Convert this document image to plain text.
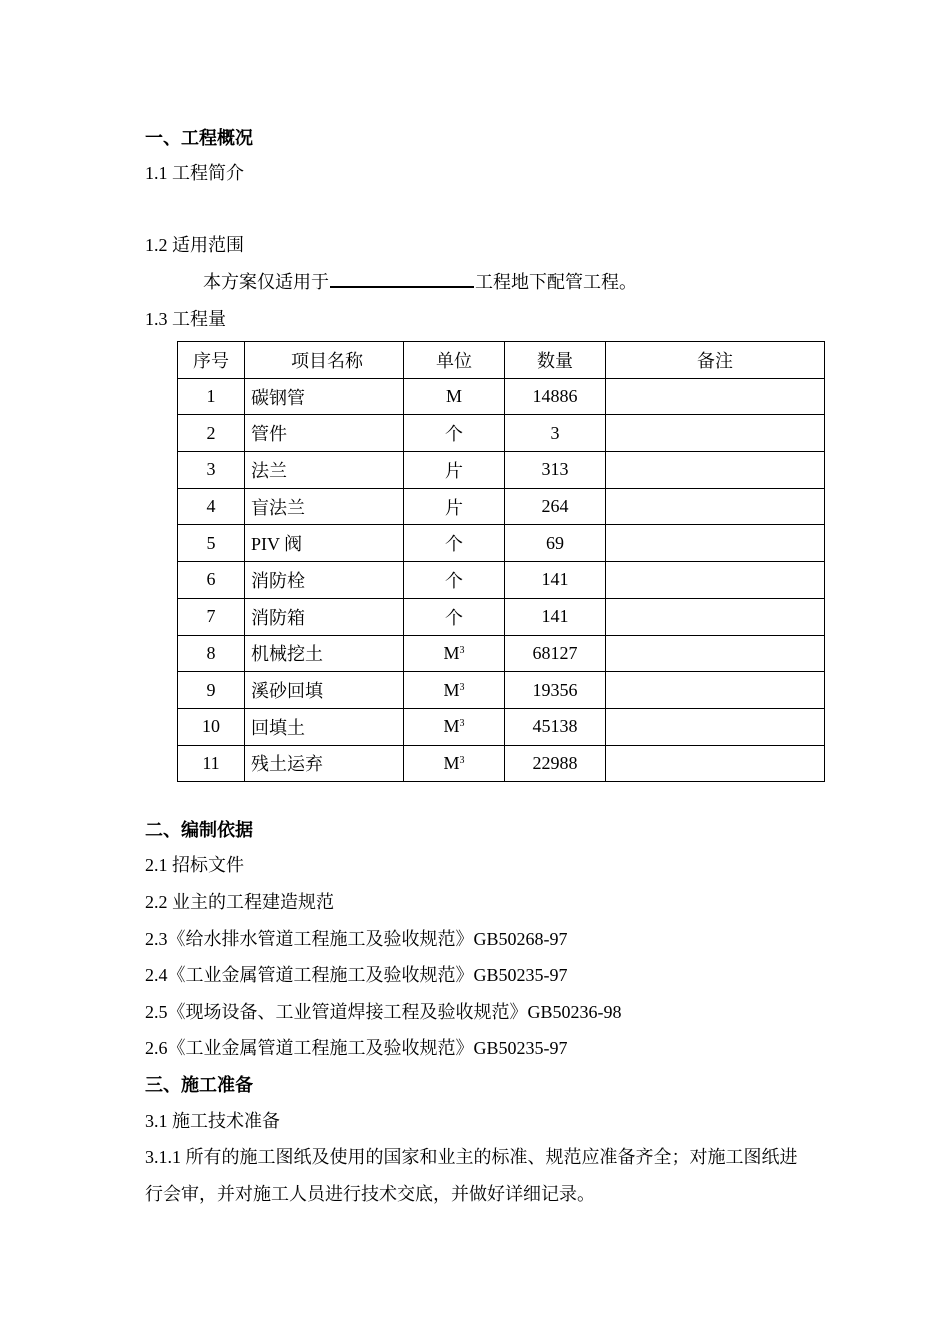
一、工程概况
1.1 工程简介
1.2 适用范围
本方案仅适用于	工程地下配管工程。
1.3 工程量
序号	项目名称	单位	数量	备注
1	碳钢管	M	14886	
2	管件	个	3	
3	法兰	片	313	
4	盲法兰	片	264	
5	PIV 阀	个	69	
6	消防栓	个	141	
7	消防箱	个	141	
8	机械挖土	$M^3$	68127	
9	溪砂回填	$M^3$	19356	
10	回填土	$M^3$	45138	
11	残土运弃	$M^3$	22988	
二、编制依据
2.1 招标文件
2.2 业主的工程建造规范
2.3《给水排水管道工程施工及验收规范》GB50268-97
2.4《工业金属管道工程施工及验收规范》GB50235-97
2.5《现场设备、工业管道焊接工程及验收规范》GB50236-98
2.6《工业金属管道工程施工及验收规范》GB50235-97
三、施工准备
3.1 施工技术准备
3.1.1 所有的施工图纸及使用的国家和业主的标准、规范应准备齐全；对施工图纸进行会审，并对施工人员进行技术交底，并做好详细记录。
